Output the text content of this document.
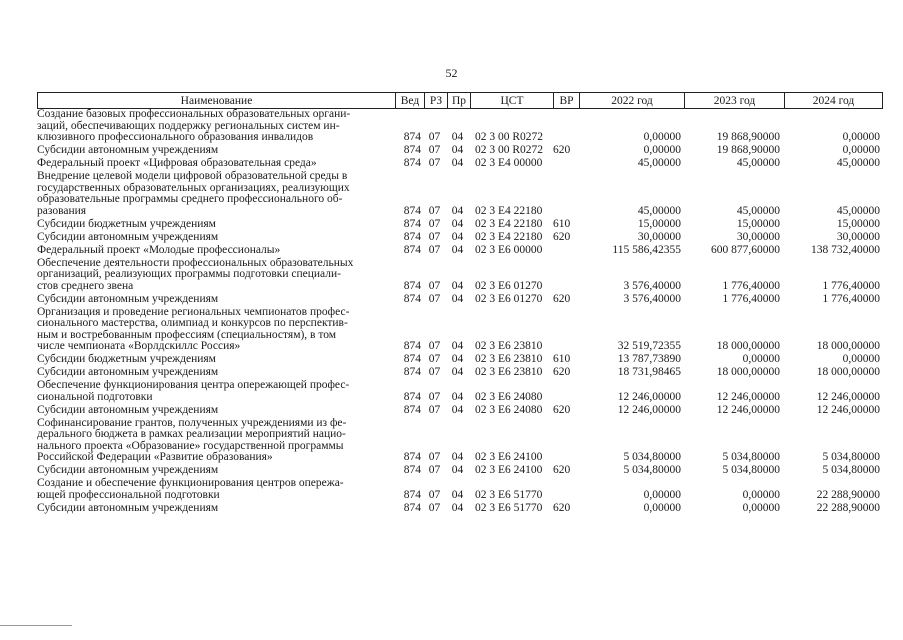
52
Наименование	Вед РЗ Пр	ЦСТ	ВР	2022 год	2023 год	2024 год
Создание базовых профессиональных образовательных органи-
заций, обеспечивающих поддержку региональных систем ин-
клюзивного профессионального образования инвалидов	874 07	04	02 3 00 R0272	0,00000	19 868,90000	0,00000
Субсидии автономным учреждениям	874 07	04	02 3 00 R0272 620	0,00000	19 868,90000	0,00000
Федеральный проект «Цифровая образовательная среда»	874 07	04	02 3 E4 00000	45,00000	45,00000	45,00000
Внедрение целевой модели цифровой образовательной среды в
государственных образовательных организациях, реализующих
образовательные программы среднего профессионального об-
разования	874 07	04	02 3 E4 22180	45,00000	45,00000	45,00000
Субсидии бюджетным учреждениям	874 07	04	02 3 E4 22180 610	15,00000	15,00000	15,00000
Субсидии автономным учреждениям	874 07	04	02 3 E4 22180 620	30,00000	30,00000	30,00000
Федеральный проект «Молодые профессионалы»	874 07	04	02 3 E6 00000	115 586,42355	600 877,60000	138 732,40000
Обеспечение деятельности профессиональных образовательных
организаций, реализующих программы подготовки специали-
стов среднего звена	874 07	04	02 3 E6 01270	3 576,40000	1 776,40000	1 776,40000
Субсидии автономным учреждениям	874 07	04	02 3 E6 01270 620	3 576,40000	1 776,40000	1 776,40000
Организация и проведение региональных чемпионатов профес-
сионального мастерства, олимпиад и конкурсов по перспектив-
ным и востребованным профессиям (специальностям), в том
числе чемпионата «Ворлдскиллс Россия»	874 07	04	02 3 E6 23810	32 519,72355	18 000,00000	18 000,00000
Субсидии бюджетным учреждениям	874 07	04	02 3 E6 23810 610	13 787,73890	0,00000	0,00000
Субсидии автономным учреждениям	874 07	04	02 3 E6 23810 620	18 731,98465	18 000,00000	18 000,00000
Обеспечение функционирования центра опережающей профес-
сиональной подготовки	874 07	04	02 3 E6 24080	12 246,00000	12 246,00000	12 246,00000
Субсидии автономным учреждениям	874 07	04	02 3 E6 24080 620	12 246,00000	12 246,00000	12 246,00000
Софинансирование грантов, полученных учреждениями из фе-
дерального бюджета в рамках реализации мероприятий нацио-
нального проекта «Образование» государственной программы
Российской Федерации «Развитие образования»	874 07	04	02 3 E6 24100	5 034,80000	5 034,80000	5 034,80000
Субсидии автономным учреждениям	874 07	04	02 3 E6 24100 620	5 034,80000	5 034,80000	5 034,80000
Создание и обеспечение функционирования центров опережа-
ющей профессиональной подготовки	874 07	04	02 3 E6 51770	0,00000	0,00000	22 288,90000
Субсидии автономным учреждениям	874 07	04	02 3 E6 51770 620	0,00000	0,00000	22 288,90000
